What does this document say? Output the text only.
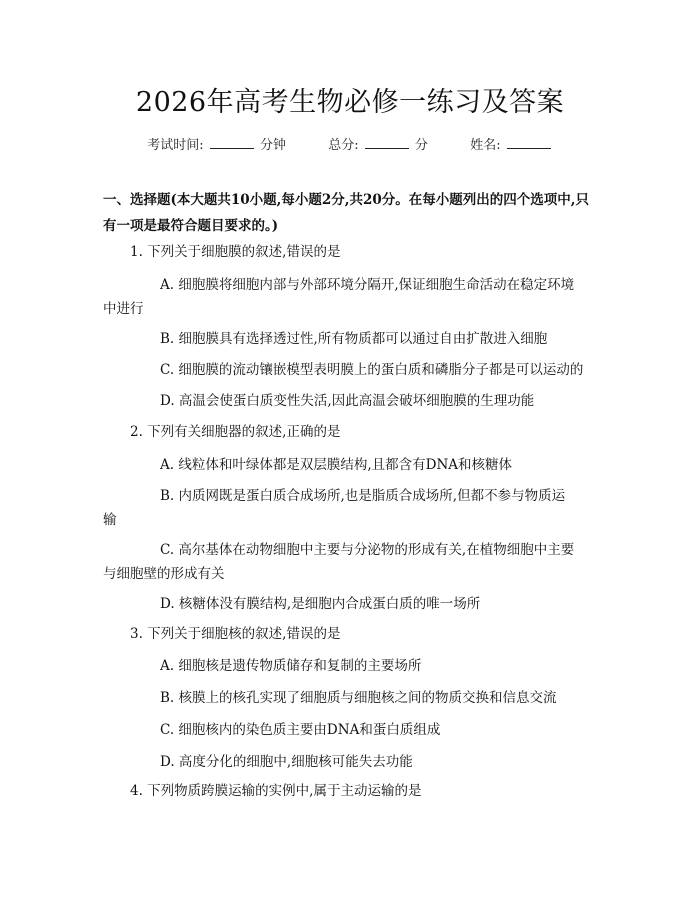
2026年高考生物必修一练习及答案
考试时间:	分钟	总分:	分	姓名:
一、选择题(本大题共10小题,每小题2分,共20分。在每小题列出的四个选项中,只有一项是最符合题目要求的。)
1. 下列关于细胞膜的叙述,错误的是
A. 细胞膜将细胞内部与外部环境分隔开,保证细胞生命活动在稳定环境
中进行
B. 细胞膜具有选择透过性,所有物质都可以通过自由扩散进入细胞
C. 细胞膜的流动镶嵌模型表明膜上的蛋白质和磷脂分子都是可以运动的
D. 高温会使蛋白质变性失活,因此高温会破坏细胞膜的生理功能
2. 下列有关细胞器的叙述,正确的是
A. 线粒体和叶绿体都是双层膜结构,且都含有DNA和核糖体
B. 内质网既是蛋白质合成场所,也是脂质合成场所,但都不参与物质运
输
C. 高尔基体在动物细胞中主要与分泌物的形成有关,在植物细胞中主要
与细胞壁的形成有关
D. 核糖体没有膜结构,是细胞内合成蛋白质的唯一场所
3. 下列关于细胞核的叙述,错误的是
A. 细胞核是遗传物质储存和复制的主要场所
B. 核膜上的核孔实现了细胞质与细胞核之间的物质交换和信息交流
C. 细胞核内的染色质主要由DNA和蛋白质组成
D. 高度分化的细胞中,细胞核可能失去功能
4. 下列物质跨膜运输的实例中,属于主动运输的是
